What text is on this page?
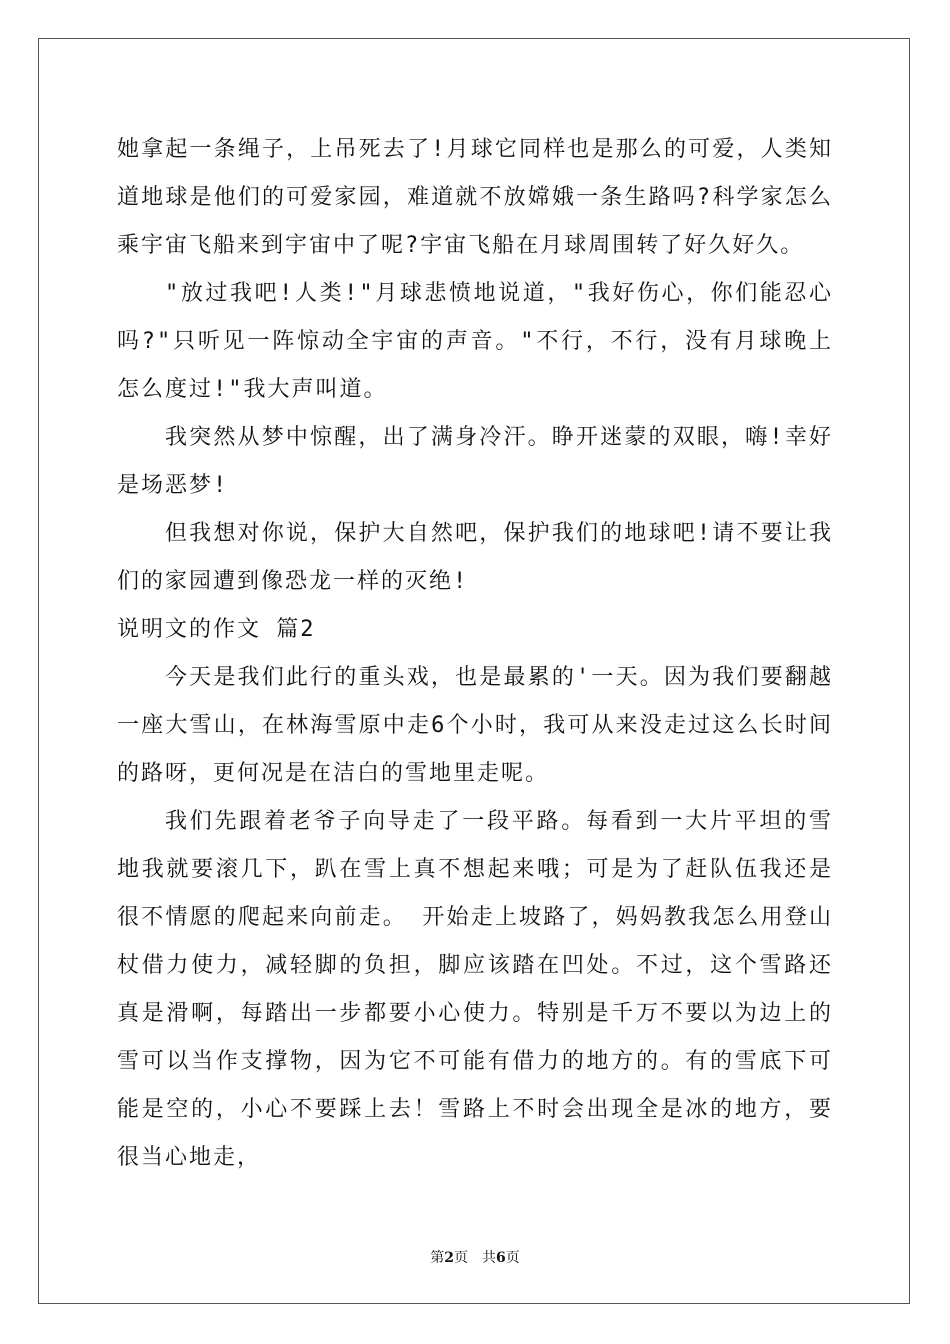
她拿起一条绳子，上吊死去了!月球它同样也是那么的可爱，人类知道地球是他们的可爱家园，难道就不放嫦娥一条生路吗?科学家怎么乘宇宙飞船来到宇宙中了呢?宇宙飞船在月球周围转了好久好久。

"放过我吧!人类!"月球悲愤地说道，"我好伤心，你们能忍心吗?"只听见一阵惊动全宇宙的声音。"不行，不行，没有月球晚上怎么度过!"我大声叫道。

我突然从梦中惊醒，出了满身冷汗。睁开迷蒙的双眼，嗨!幸好是场恶梦!

但我想对你说，保护大自然吧，保护我们的地球吧!请不要让我们的家园遭到像恐龙一样的灭绝!

说明文的作文 篇2

今天是我们此行的重头戏，也是最累的'一天。因为我们要翻越一座大雪山，在林海雪原中走6个小时，我可从来没走过这么长时间的路呀，更何况是在洁白的雪地里走呢。

我们先跟着老爷子向导走了一段平路。每看到一大片平坦的雪地我就要滚几下，趴在雪上真不想起来哦；可是为了赶队伍我还是很不情愿的爬起来向前走。 开始走上坡路了，妈妈教我怎么用登山杖借力使力，减轻脚的负担，脚应该踏在凹处。不过，这个雪路还真是滑啊，每踏出一步都要小心使力。特别是千万不要以为边上的雪可以当作支撑物，因为它不可能有借力的地方的。有的雪底下可能是空的，小心不要踩上去！雪路上不时会出现全是冰的地方，要很当心地走，

第2页 共6页
